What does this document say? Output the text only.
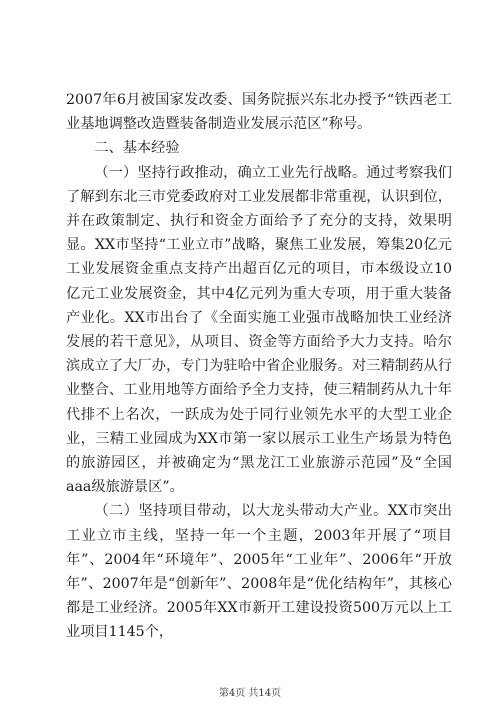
2007年6月被国家发改委、国务院振兴东北办授予“铁西老工业基地调整改造暨装备制造业发展示范区”称号。

二、基本经验

（一）坚持行政推动，确立工业先行战略。通过考察我们了解到东北三市党委政府对工业发展都非常重视，认识到位，并在政策制定、执行和资金方面给予了充分的支持，效果明显。XX市坚持“工业立市”战略，聚焦工业发展，筹集20亿元工业发展资金重点支持产出超百亿元的项目，市本级设立10亿元工业发展资金，其中4亿元列为重大专项，用于重大装备产业化。XX市出台了《全面实施工业强市战略加快工业经济发展的若干意见》，从项目、资金等方面给予大力支持。哈尔滨成立了大厂办，专门为驻哈中省企业服务。对三精制药从行业整合、工业用地等方面给予全力支持，使三精制药从九十年代排不上名次，一跃成为处于同行业领先水平的大型工业企业，三精工业园成为XX市第一家以展示工业生产场景为特色的旅游园区，并被确定为“黑龙江工业旅游示范园”及“全国aaa级旅游景区”。

（二）坚持项目带动，以大龙头带动大产业。XX市突出工业立市主线，坚持一年一个主题，2003年开展了“项目年”、2004年“环境年”、2005年“工业年”、2006年“开放年”、2007年是“创新年”、2008年是“优化结构年”，其核心都是工业经济。2005年XX市新开工建设投资500万元以上工业项目1145个，

第4页 共14页
